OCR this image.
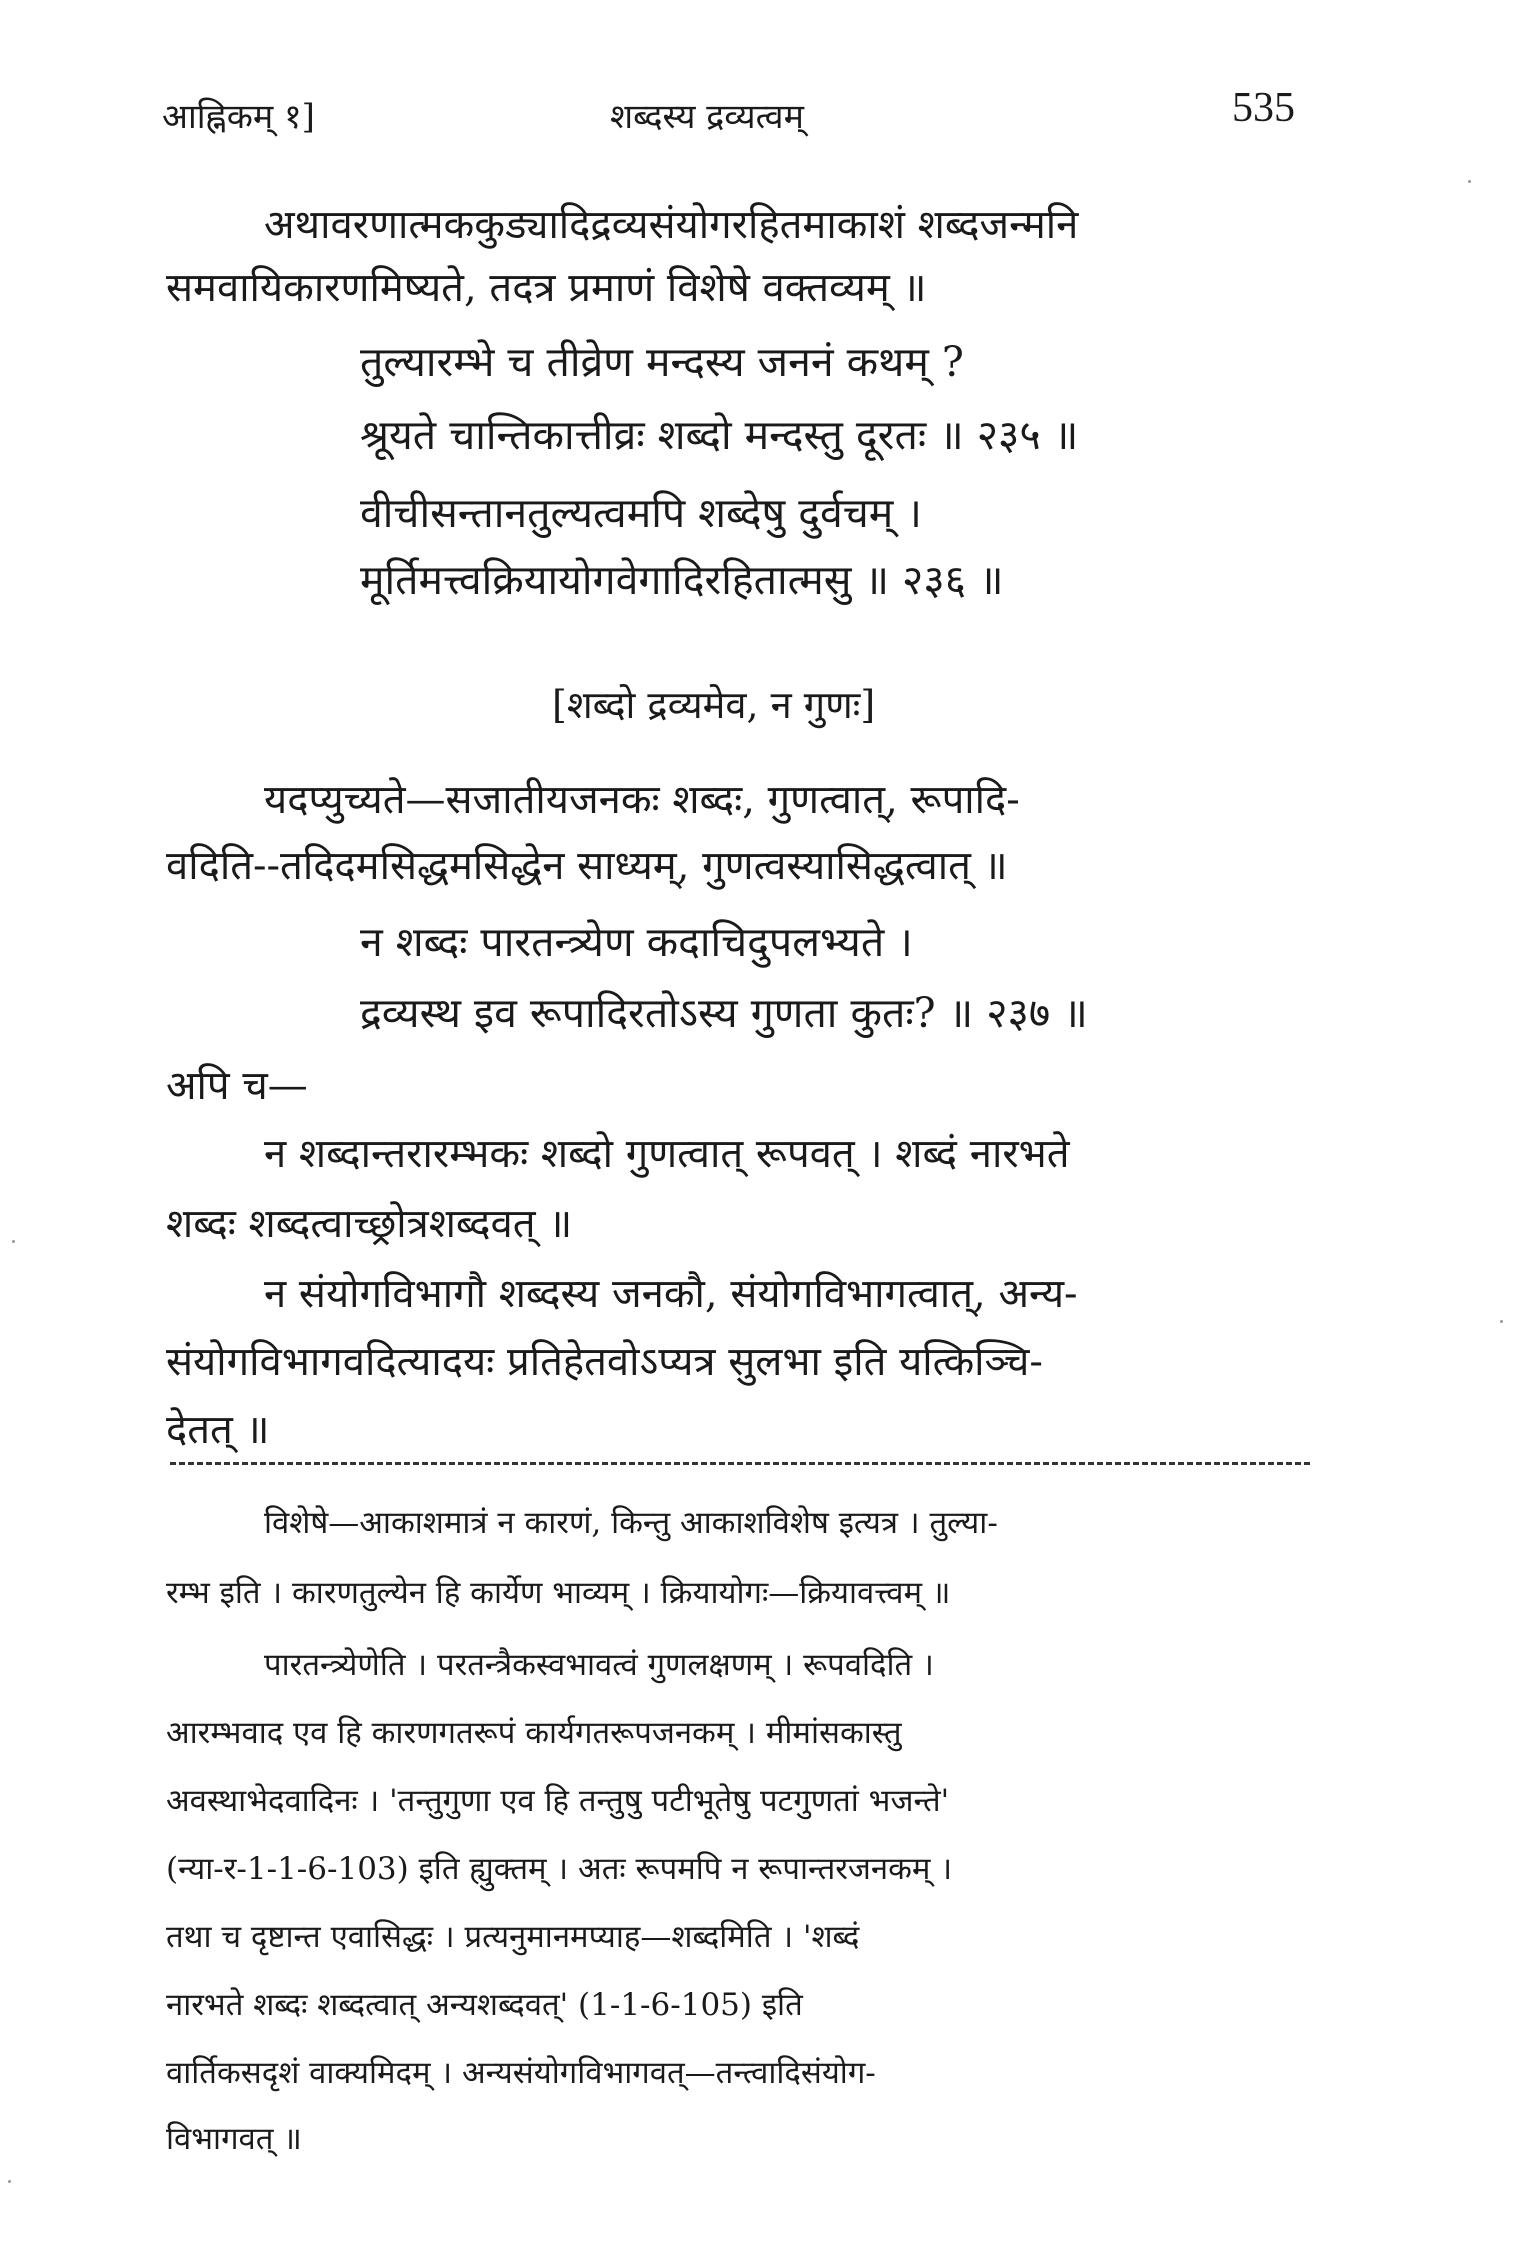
आह्निकम् १]	शब्दस्य द्रव्यत्वम्	535
अथावरणात्मककुड्यादिद्रव्यसंयोगरहितमाकाशं शब्दजन्मनि
समवायिकारणमिष्यते, तदत्र प्रमाणं विशेषे वक्तव्यम् ॥
तुल्यारम्भे च तीव्रेण मन्दस्य जननं कथम् ?
श्रूयते चान्तिकात्तीव्रः शब्दो मन्दस्तु दूरतः ॥ २३५ ॥
वीचीसन्तानतुल्यत्वमपि शब्देषु दुर्वचम् ।
मूर्तिमत्त्वक्रियायोगवेगादिरहितात्मसु ॥ २३६ ॥
[शब्दो द्रव्यमेव, न गुणः]
यदप्युच्यते—सजातीयजनकः शब्दः, गुणत्वात्, रूपादि-
वदिति--तदिदमसिद्धमसिद्धेन साध्यम्, गुणत्वस्यासिद्धत्वात् ॥
न शब्दः पारतन्त्र्येण कदाचिदुपलभ्यते ।
द्रव्यस्थ इव रूपादिरतोऽस्य गुणता कुतः? ॥ २३७ ॥
अपि च—
न शब्दान्तरारम्भकः शब्दो गुणत्वात् रूपवत् । शब्दं नारभते
शब्दः शब्दत्वाच्छ्रोत्रशब्दवत् ॥
न संयोगविभागौ शब्दस्य जनकौ, संयोगविभागत्वात्, अन्य-
संयोगविभागवदित्यादयः प्रतिहेतवोऽप्यत्र सुलभा इति यत्किञ्चि-
देतत् ॥
विशेषे—आकाशमात्रं न कारणं, किन्तु आकाशविशेष इत्यत्र । तुल्या-
रम्भ इति । कारणतुल्येन हि कार्येण भाव्यम् । क्रियायोगः—क्रियावत्त्वम् ॥
पारतन्त्र्येणेति । परतन्त्रैकस्वभावत्वं गुणलक्षणम् । रूपवदिति ।
आरम्भवाद एव हि कारणगतरूपं कार्यगतरूपजनकम् । मीमांसकास्तु
अवस्थाभेदवादिनः । 'तन्तुगुणा एव हि तन्तुषु पटीभूतेषु पटगुणतां भजन्ते'
(न्या-र-1-1-6-103) इति ह्युक्तम् । अतः रूपमपि न रूपान्तरजनकम् ।
तथा च दृष्टान्त एवासिद्धः । प्रत्यनुमानमप्याह—शब्दमिति । 'शब्दं
नारभते शब्दः शब्दत्वात् अन्यशब्दवत्' (1-1-6-105) इति
वार्तिकसदृशं वाक्यमिदम् । अन्यसंयोगविभागवत्—तन्त्वादिसंयोग-
विभागवत् ॥
